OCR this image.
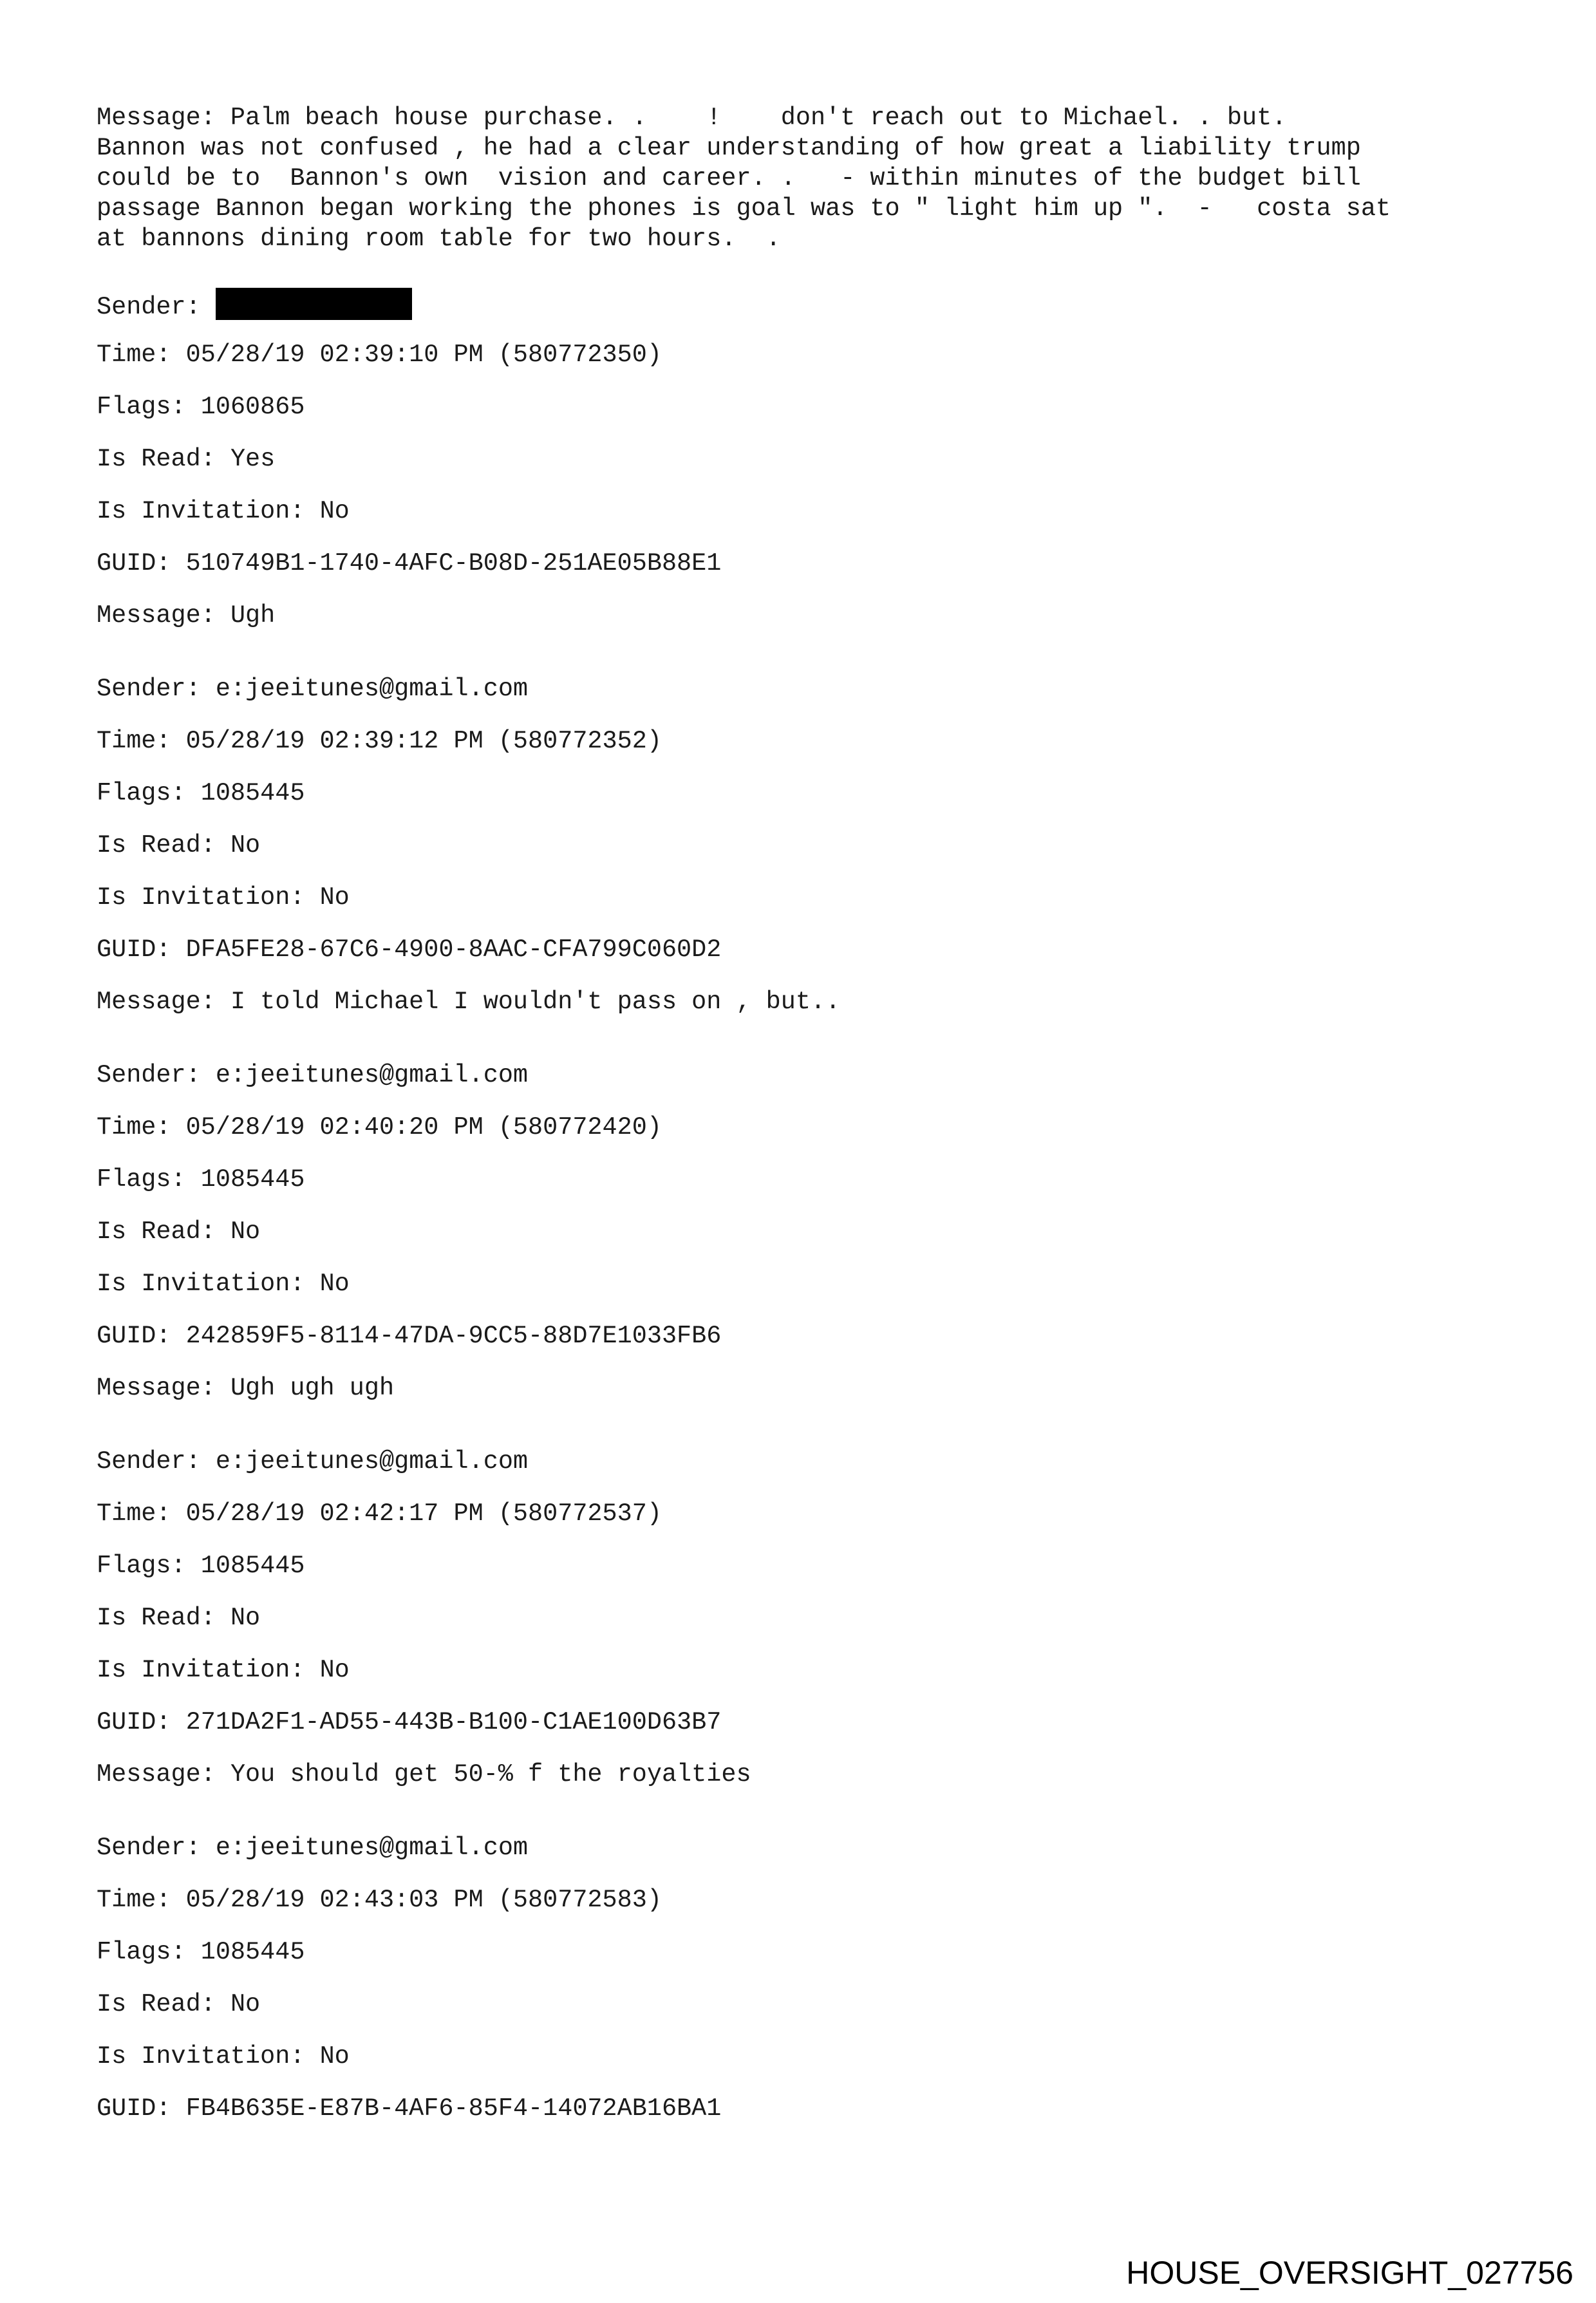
Message: Palm beach house purchase. .    !    don't reach out to Michael. . but.
Bannon was not confused , he had a clear understanding of how great a liability trump
could be to  Bannon's own  vision and career. .   - within minutes of the budget bill
passage Bannon began working the phones is goal was to " light him up ".  -   costa sat
at bannons dining room table for two hours.  .
Sender:
Time: 05/28/19 02:39:10 PM (580772350)
Flags: 1060865
Is Read: Yes
Is Invitation: No
GUID: 510749B1-1740-4AFC-B08D-251AE05B88E1
Message: Ugh
Sender: e:jeeitunes@gmail.com
Time: 05/28/19 02:39:12 PM (580772352)
Flags: 1085445
Is Read: No
Is Invitation: No
GUID: DFA5FE28-67C6-4900-8AAC-CFA799C060D2
Message: I told Michael I wouldn't pass on , but..
Sender: e:jeeitunes@gmail.com
Time: 05/28/19 02:40:20 PM (580772420)
Flags: 1085445
Is Read: No
Is Invitation: No
GUID: 242859F5-8114-47DA-9CC5-88D7E1033FB6
Message: Ugh ugh ugh
Sender: e:jeeitunes@gmail.com
Time: 05/28/19 02:42:17 PM (580772537)
Flags: 1085445
Is Read: No
Is Invitation: No
GUID: 271DA2F1-AD55-443B-B100-C1AE100D63B7
Message: You should get 50-% f the royalties
Sender: e:jeeitunes@gmail.com
Time: 05/28/19 02:43:03 PM (580772583)
Flags: 1085445
Is Read: No
Is Invitation: No
GUID: FB4B635E-E87B-4AF6-85F4-14072AB16BA1
HOUSE_OVERSIGHT_027756
